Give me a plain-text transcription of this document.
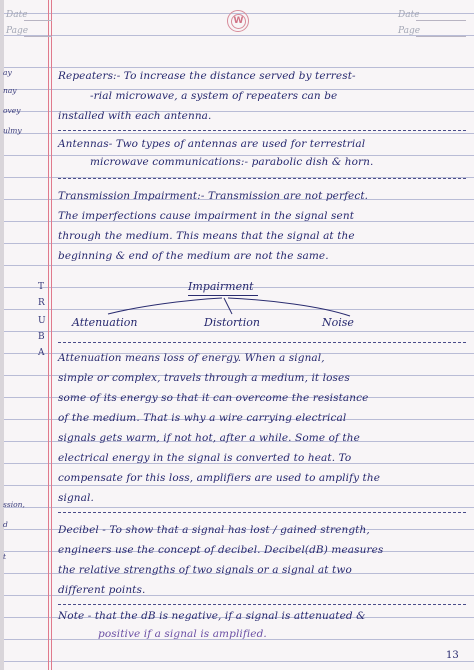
Date
Page
W
Date
Page
ay
nay
ovey
ulmy
ssion,
d
t
T
R
U
B
A
Repeaters:- To increase the distance served by terrest-
-rial microwave, a system of repeaters can be
installed with each antenna.
Antennas- Two types of antennas are used for terrestrial
microwave communications:- parabolic dish & horn.
Transmission Impairment:- Transmission are not perfect.
The imperfections cause impairment in the signal sent
through the medium. This means that the signal at the
beginning & end of the medium are not the same.
Impairment
Attenuation	Distortion	Noise
Attenuation means loss of energy. When a signal,
simple or complex, travels through a medium, it loses
some of its energy so that it can overcome the resistance
of the medium. That is why a wire carrying electrical
signals gets warm, if not hot, after a while. Some of the
electrical energy in the signal is converted to heat. To
compensate for this loss, amplifiers are used to amplify the
signal.
Decibel - To show that a signal has lost / gained strength,
engineers use the concept of decibel. Decibel(dB) measures
the relative strengths of two signals or a signal at two
different points.
Note - that the dB is negative, if a signal is attenuated &
positive if a signal is amplified.
13
